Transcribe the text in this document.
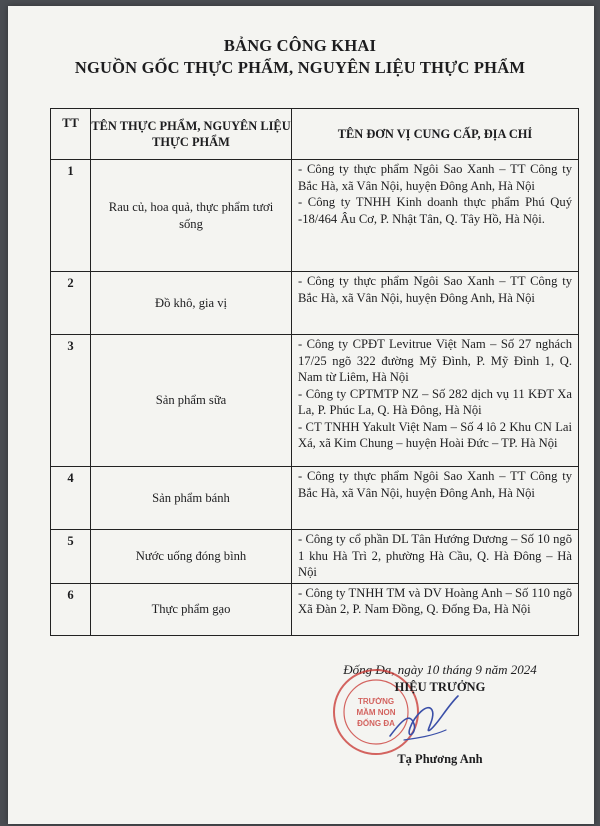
BẢNG CÔNG KHAI
NGUỒN GỐC THỰC PHẨM, NGUYÊN LIỆU THỰC PHẨM
TT	TÊN THỰC PHẨM, NGUYÊN LIỆU THỰC PHẨM	TÊN ĐƠN VỊ CUNG CẤP, ĐỊA CHỈ
1	Rau củ, hoa quả, thực phẩm tươi sống	- Công ty thực phẩm Ngôi Sao Xanh – TT Công ty Bắc Hà, xã Vân Nội, huyện Đông Anh, Hà Nội
- Công ty TNHH Kinh doanh thực phẩm Phú Quý -18/464 Âu Cơ, P. Nhật Tân, Q. Tây Hồ, Hà Nội.

2	Đồ khô, gia vị	- Công ty thực phẩm Ngôi Sao Xanh – TT Công ty Bắc Hà, xã Vân Nội, huyện Đông Anh, Hà Nội

3	Sản phẩm sữa	- Công ty CPĐT Levitrue Việt Nam – Số 27 nghách 17/25 ngõ 322 đường Mỹ Đình, P. Mỹ Đình 1, Q. Nam từ Liêm, Hà Nội
- Công ty CPTMTP NZ – Số 282 dịch vụ 11 KĐT Xa La, P. Phúc La, Q. Hà Đông, Hà Nội
- CT TNHH Yakult Việt Nam – Số 4 lô 2 Khu CN Lai Xá, xã Kim Chung – huyện Hoài Đức – TP. Hà Nội

4	Sản phẩm bánh	- Công ty thực phẩm Ngôi Sao Xanh – TT Công ty Bắc Hà, xã Vân Nội, huyện Đông Anh, Hà Nội

5	Nước uống đóng bình	- Công ty cổ phần DL Tân Hướng Dương – Số 10 ngõ 1 khu Hà Trì 2, phường Hà Cầu, Q. Hà Đông – Hà Nội

6	Thực phẩm gạo	- Công ty TNHH TM và DV Hoàng Anh – Số 110 ngõ Xã Đàn 2, P. Nam Đồng, Q. Đống Đa, Hà Nội
Đống Đa, ngày 10 tháng 9 năm 2024
TRƯỜNG
MẦM NON
ĐỐNG ĐA
HIỆU TRƯỞNG
Tạ Phương Anh
